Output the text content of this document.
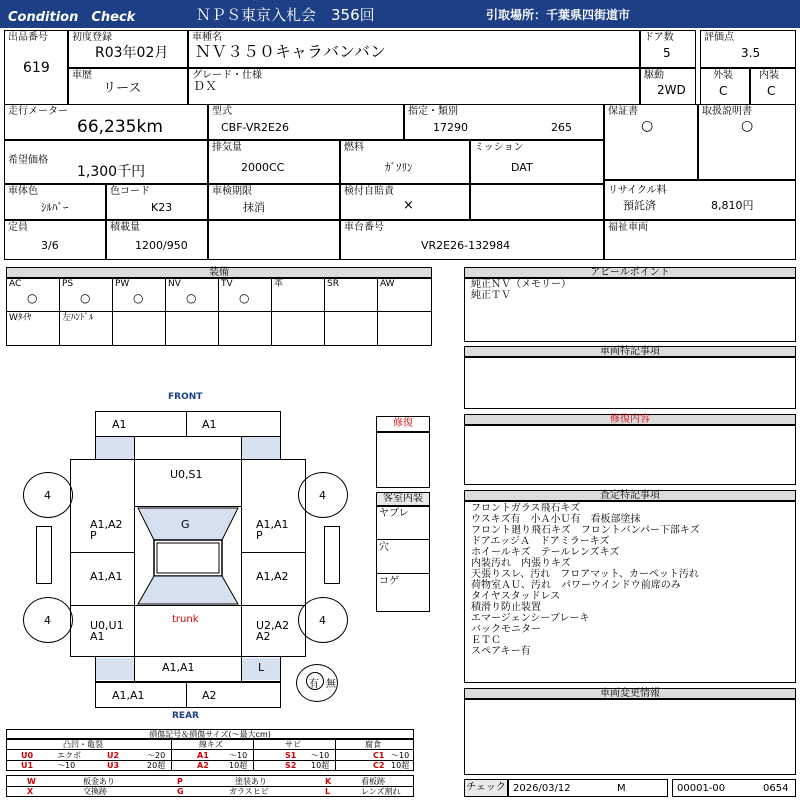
Condition　Check	ＮＰＳ東京入札会　356回	引取場所：千葉県四街道市
出品番号
619
初度登録
R03年02月
車種名
ＮＶ３５０キャラバンバン
ドア数
5
評価点
3.5
車歴
リース
グレード・仕様
ＤＸ
駆動
2WD
外装
C
内装
C
走行メーター
66,235km
型式
CBF-VR2E26
指定・類別
17290	265
保証書
○
取扱説明書
○
希望価格
1,300千円
排気量
2000CC
燃料
ｶﾞｿﾘﾝ
ミッション
DAT
車体色
ｼﾙﾊﾞｰ
色コード
K23
車検期限
抹消
検付自賠責
×
リサイクル料
預託済	8,810円
定員
3/6
積載量
1200/950
車台番号
VR2E26-132984
福祉車両
装備
AC	PS	PW	NV	TV	革	SR	AW
○	○	○	○	○
Wﾀｲﾔ	左ﾊﾝﾄﾞﾙ
アピールポイント
純正ＮＶ（メモリー）
純正ＴＶ
車両特記事項
修復内容
査定特記事項
フロントガラス飛石キズ
ウスキズ有　小Ａ小Ｕ有　看板部塗抹
フロント廻り飛石キズ　フロントバンパー下部キズ
ドアエッジＡ　ドアミラーキズ
ホイールキズ　テールレンズキズ
内装汚れ　内張りキズ
天張りスレ、汚れ　フロアマット、カーペット汚れ
荷物室ＡＵ、汚れ　パワーウインドウ前席のみ
タイヤスタッドレス
積滑り防止装置
エマージェンシーブレーキ
バックモニター
ＥＴＣ
スペアキー有
車両変更情報
FRONT
REAR
A1	A1
U0,S1
G
A1,A2
P
A1,A1
P
A1,A1	A1,A2
U0,U1
A1
U2,A2
A2
trunk
4	4
4	4
A1,A1	L
A1,A1	A2
有 無
修復
客室内装
ヤブレ
穴
コゲ
損傷記号＆損傷サイズ(～最大cm)
凸凹・亀裂	線キズ	サビ	腐食
U0	エクボ	U2	～20	A1	～10	S1 ～10	C1 ～10
U1	～10	U3	20超	A2	10超	S2 10超	C2 10超
W	板金あり	P	塗装あり	K	看板跡
X	交換跡	G	ガラスヒビ	L	レンズ割れ	チェック 2026/03/12	M	00001-00	0654
